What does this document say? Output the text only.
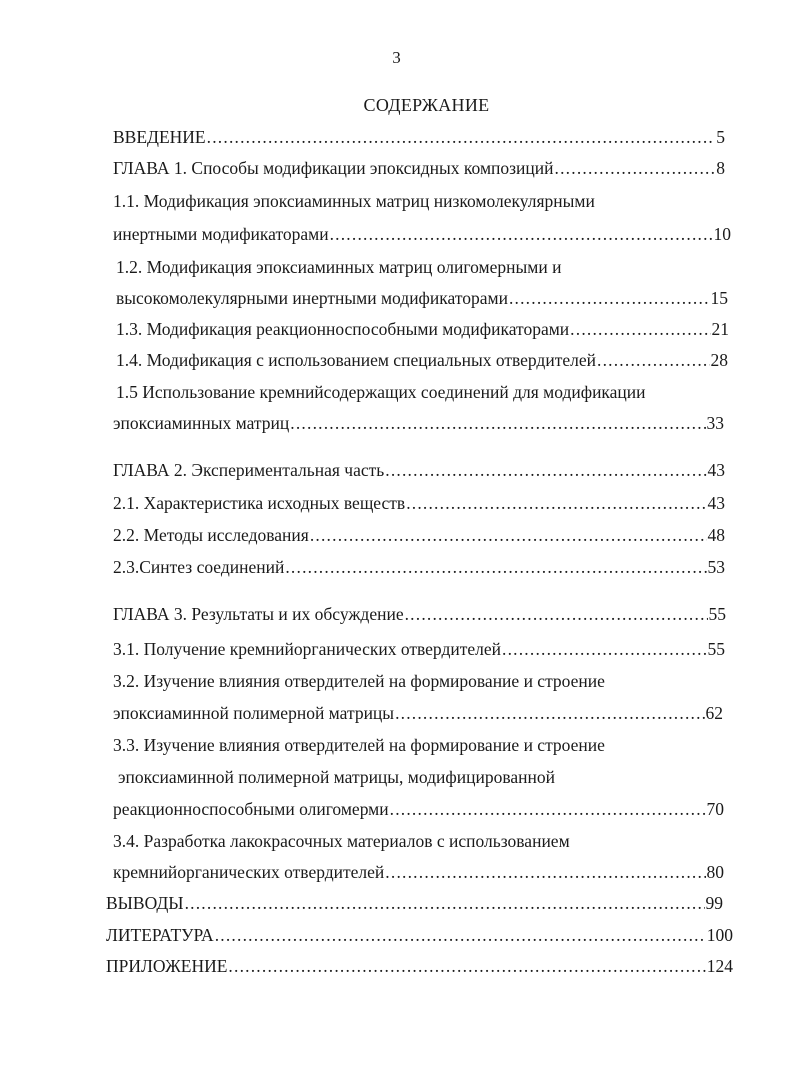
3
СОДЕРЖАНИЕ
ВВЕДЕНИЕ .....	5
ГЛАВА 1. Способы модификации эпоксидных композиций .....	8
1.1. Модификация эпоксиаминных матриц низкомолекулярными
инертными модификаторами .....	10
1.2. Модификация эпоксиаминных матриц олигомерными и
высокомолекулярными инертными модификаторами .....	15
1.3. Модификация реакционноспособными модификаторами .....	21
1.4. Модификация с использованием специальных отвердителей .....	28
1.5 Использование кремнийсодержащих соединений для модификации
эпоксиаминных матриц .....	33
ГЛАВА 2. Экспериментальная часть .....	43
2.1. Характеристика исходных веществ .....	43
2.2. Методы исследования .....	48
2.3.Синтез соединений .....	53
ГЛАВА 3. Результаты и их обсуждение .....	55
3.1. Получение кремнийорганических отвердителей .....	55
3.2. Изучение влияния отвердителей на формирование и строение
эпоксиаминной полимерной матрицы .....	62
3.3. Изучение влияния отвердителей на формирование и строение
эпоксиаминной полимерной матрицы, модифицированной
реакционноспособными олигомерми .....	70
3.4. Разработка лакокрасочных материалов с использованием
кремнийорганических отвердителей .....	80
ВЫВОДЫ .....	99
ЛИТЕРАТУРА .....	100
ПРИЛОЖЕНИЕ .....	124
